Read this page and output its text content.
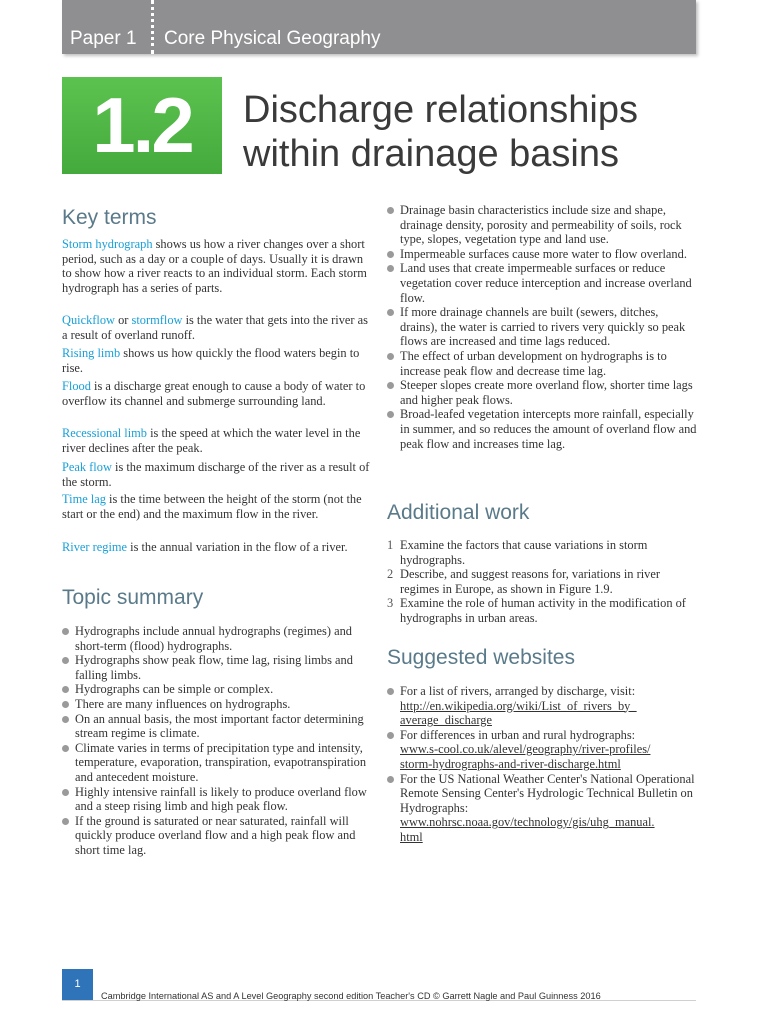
Paper 1 Core Physical Geography
1.2	Discharge relationships
within drainage basins
Key terms

Storm hydrograph shows us how a river changes over a short period, such as a day or a couple of days. Usually it is drawn to show how a river reacts to an individual storm. Each storm hydrograph has a series of parts.

Quickflow or stormflow is the water that gets into the river as a result of overland runoff.

Rising limb shows us how quickly the flood waters begin to rise.

Flood is a discharge great enough to cause a body of water to overflow its channel and submerge surrounding land.

Recessional limb is the speed at which the water level in the river declines after the peak.

Peak flow is the maximum discharge of the river as a result of the storm.

Time lag is the time between the height of the storm (not the start or the end) and the maximum flow in the river.

River regime is the annual variation in the flow of a river.

Topic summary
Hydrographs include annual hydrographs (regimes) and short-term (flood) hydrographs.
Hydrographs show peak flow, time lag, rising limbs and falling limbs.
Hydrographs can be simple or complex.
There are many influences on hydrographs.
On an annual basis, the most important factor determining stream regime is climate.
Climate varies in terms of precipitation type and intensity, temperature, evaporation, transpiration, evapotranspiration and antecedent moisture.
Highly intensive rainfall is likely to produce overland flow and a steep rising limb and high peak flow.
If the ground is saturated or near saturated, rainfall will quickly produce overland flow and a high peak flow and short time lag.
Drainage basin characteristics include size and shape, drainage density, porosity and permeability of soils, rock type, slopes, vegetation type and land use.
Impermeable surfaces cause more water to flow overland.
Land uses that create impermeable surfaces or reduce vegetation cover reduce interception and increase overland flow.
If more drainage channels are built (sewers, ditches, drains), the water is carried to rivers very quickly so peak flows are increased and time lags reduced.
The effect of urban development on hydrographs is to increase peak flow and decrease time lag.
Steeper slopes create more overland flow, shorter time lags and higher peak flows.
Broad-leafed vegetation intercepts more rainfall, especially in summer, and so reduces the amount of overland flow and peak flow and increases time lag.
Additional work
1 Examine the factors that cause variations in storm hydrographs.
2 Describe, and suggest reasons for, variations in river regimes in Europe, as shown in Figure 1.9.
3 Examine the role of human activity in the modification of hydrographs in urban areas.
Suggested websites
For a list of rivers, arranged by discharge, visit:
http://en.wikipedia.org/wiki/List_of_rivers_by_
average_discharge
For differences in urban and rural hydrographs:
www.s-cool.co.uk/alevel/geography/river-profiles/
storm-hydrographs-and-river-discharge.html
For the US National Weather Center's National Operational Remote Sensing Center's Hydrologic Technical Bulletin on Hydrographs:
www.nohrsc.noaa.gov/technology/gis/uhg_manual.
html
1
Cambridge International AS and A Level Geography second edition Teacher's CD © Garrett Nagle and Paul Guinness 2016
